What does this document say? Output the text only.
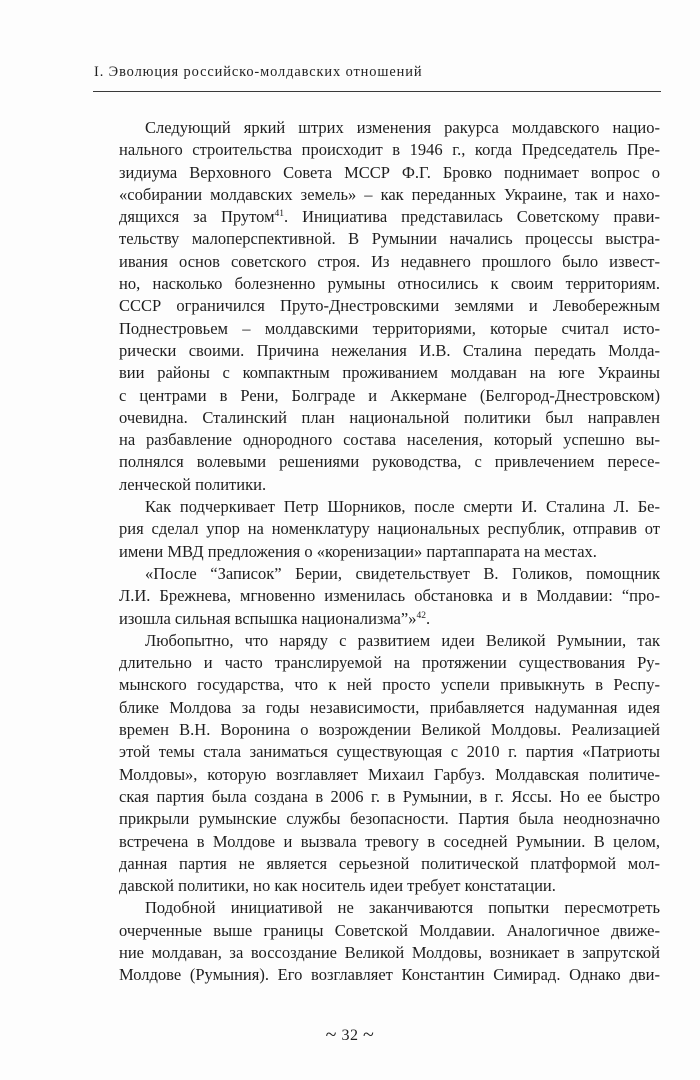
I. Эволюция российско-молдавских отношений
Следующий яркий штрих изменения ракурса молдавского нацио-
нального строительства происходит в 1946 г., когда Председатель Пре-
зидиума Верховного Совета МССР Ф.Г. Бровко поднимает вопрос о
«собирании молдавских земель» – как переданных Украине, так и нахо-
дящихся за Прутом$^{41}$. Инициатива представилась Советскому прави-
тельству малоперспективной. В Румынии начались процессы выстра-
ивания основ советского строя. Из недавнего прошлого было извест-
но, насколько болезненно румыны относились к своим территориям.
СССР ограничился Пруто-Днестровскими землями и Левобережным
Поднестровьем – молдавскими территориями, которые считал исто-
рически своими. Причина нежелания И.В. Сталина передать Молда-
вии районы с компактным проживанием молдаван на юге Украины
с центрами в Рени, Болграде и Аккермане (Белгород-Днестровском)
очевидна. Сталинский план национальной политики был направлен
на разбавление однородного состава населения, который успешно вы-
полнялся волевыми решениями руководства, с привлечением пересе-
ленческой политики.
Как подчеркивает Петр Шорников, после смерти И. Сталина Л. Бе-
рия сделал упор на номенклатуру национальных республик, отправив от
имени МВД предложения о «коренизации» партаппарата на местах.
«После “Записок” Берии, свидетельствует В. Голиков, помощник
Л.И. Брежнева, мгновенно изменилась обстановка и в Молдавии: “про-
изошла сильная вспышка национализма”»$^{42}$.
Любопытно, что наряду с развитием идеи Великой Румынии, так
длительно и часто транслируемой на протяжении существования Ру-
мынского государства, что к ней просто успели привыкнуть в Респу-
блике Молдова за годы независимости, прибавляется надуманная идея
времен В.Н. Воронина о возрождении Великой Молдовы. Реализацией
этой темы стала заниматься существующая с 2010 г. партия «Патриоты
Молдовы», которую возглавляет Михаил Гарбуз. Молдавская политиче-
ская партия была создана в 2006 г. в Румынии, в г. Яссы. Но ее быстро
прикрыли румынские службы безопасности. Партия была неоднозначно
встречена в Молдове и вызвала тревогу в соседней Румынии. В целом,
данная партия не является серьезной политической платформой мол-
давской политики, но как носитель идеи требует констатации.
Подобной инициативой не заканчиваются попытки пересмотреть
очерченные выше границы Советской Молдавии. Аналогичное движе-
ние молдаван, за воссоздание Великой Молдовы, возникает в запрутской
Молдове (Румыния). Его возглавляет Константин Симирад. Однако дви-
~ 32 ~
